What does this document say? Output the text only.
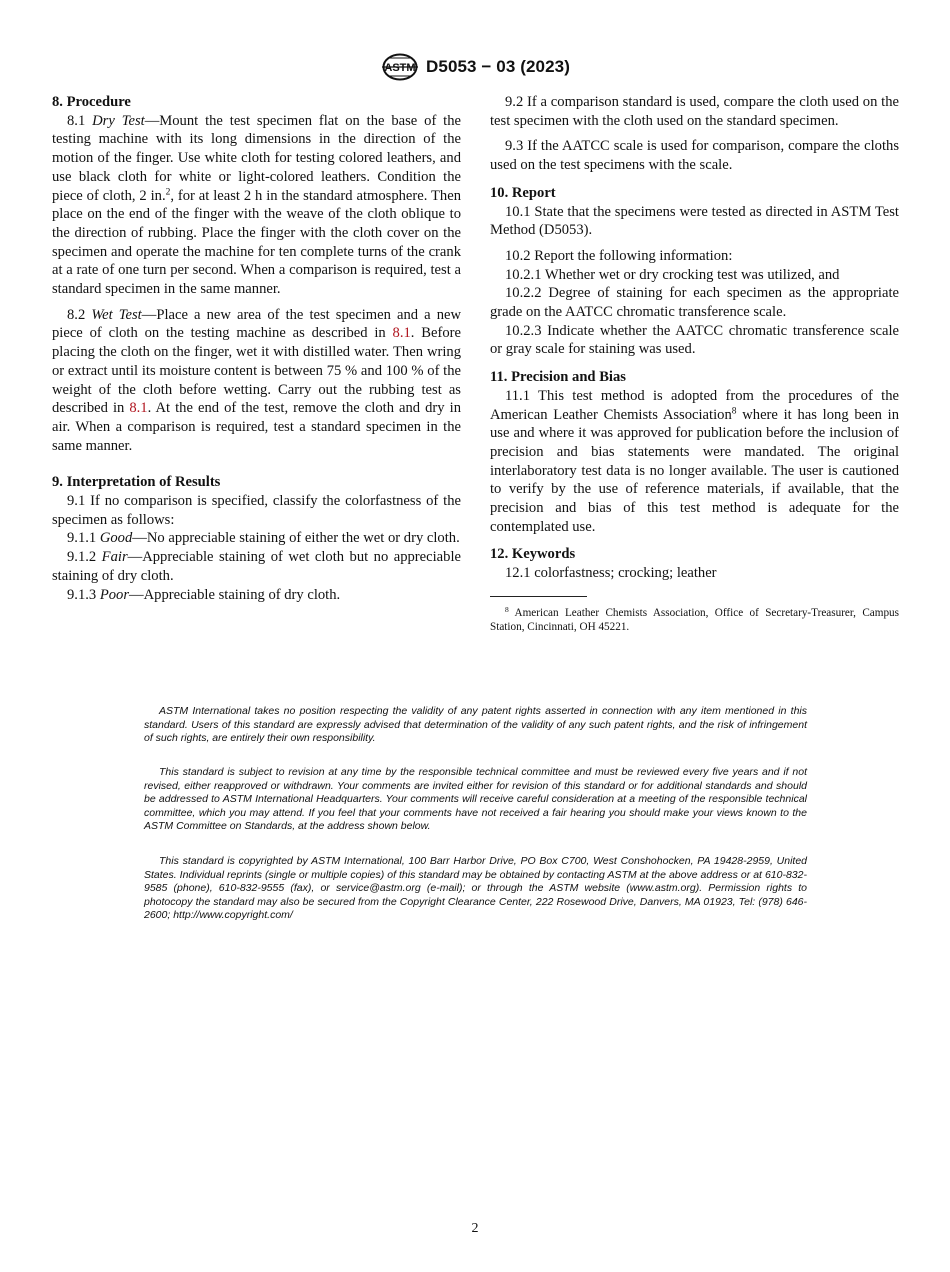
ASTM D5053 − 03 (2023)

8. Procedure

8.1 Dry Test—Mount the test specimen flat on the base of the testing machine with its long dimensions in the direction of the motion of the finger. Use white cloth for testing colored leathers, and use black cloth for white or light-colored leathers. Condition the piece of cloth, 2 in.$^2$, for at least 2 h in the standard atmosphere. Then place on the end of the finger with the weave of the cloth oblique to the direction of rubbing. Place the finger with the cloth cover on the specimen and operate the machine for ten complete turns of the crank at a rate of one turn per second. When a comparison is required, test a standard specimen in the same manner.

8.2 Wet Test—Place a new area of the test specimen and a new piece of cloth on the testing machine as described in 8.1. Before placing the cloth on the finger, wet it with distilled water. Then wring or extract until its moisture content is between 75 % and 100 % of the weight of the cloth before wetting. Carry out the rubbing test as described in 8.1. At the end of the test, remove the cloth and dry in air. When a comparison is required, test a standard specimen in the same manner.

9. Interpretation of Results

9.1 If no comparison is specified, classify the colorfastness of the specimen as follows:

9.1.1 Good—No appreciable staining of either the wet or dry cloth.

9.1.2 Fair—Appreciable staining of wet cloth but no appreciable staining of dry cloth.

9.1.3 Poor—Appreciable staining of dry cloth.

9.2 If a comparison standard is used, compare the cloth used on the test specimen with the cloth used on the standard specimen.

9.3 If the AATCC scale is used for comparison, compare the cloths used on the test specimens with the scale.

10. Report

10.1 State that the specimens were tested as directed in ASTM Test Method (D5053).

10.2 Report the following information:

10.2.1 Whether wet or dry crocking test was utilized, and

10.2.2 Degree of staining for each specimen as the appropriate grade on the AATCC chromatic transference scale.

10.2.3 Indicate whether the AATCC chromatic transference scale or gray scale for staining was used.

11. Precision and Bias

11.1 This test method is adopted from the procedures of the American Leather Chemists Association$^8$ where it has long been in use and where it was approved for publication before the inclusion of precision and bias statements were mandated. The original interlaboratory test data is no longer available. The user is cautioned to verify by the use of reference materials, if available, that the precision and bias of this test method is adequate for the contemplated use.

12. Keywords

12.1 colorfastness; crocking; leather

$^8$ American Leather Chemists Association, Office of Secretary-Treasurer, Campus Station, Cincinnati, OH 45221.

ASTM International takes no position respecting the validity of any patent rights asserted in connection with any item mentioned in this standard. Users of this standard are expressly advised that determination of the validity of any such patent rights, and the risk of infringement of such rights, are entirely their own responsibility.

This standard is subject to revision at any time by the responsible technical committee and must be reviewed every five years and if not revised, either reapproved or withdrawn. Your comments are invited either for revision of this standard or for additional standards and should be addressed to ASTM International Headquarters. Your comments will receive careful consideration at a meeting of the responsible technical committee, which you may attend. If you feel that your comments have not received a fair hearing you should make your views known to the ASTM Committee on Standards, at the address shown below.

This standard is copyrighted by ASTM International, 100 Barr Harbor Drive, PO Box C700, West Conshohocken, PA 19428-2959, United States. Individual reprints (single or multiple copies) of this standard may be obtained by contacting ASTM at the above address or at 610-832-9585 (phone), 610-832-9555 (fax), or service@astm.org (e-mail); or through the ASTM website (www.astm.org). Permission rights to photocopy the standard may also be secured from the Copyright Clearance Center, 222 Rosewood Drive, Danvers, MA 01923, Tel: (978) 646-2600; http://www.copyright.com/

2
